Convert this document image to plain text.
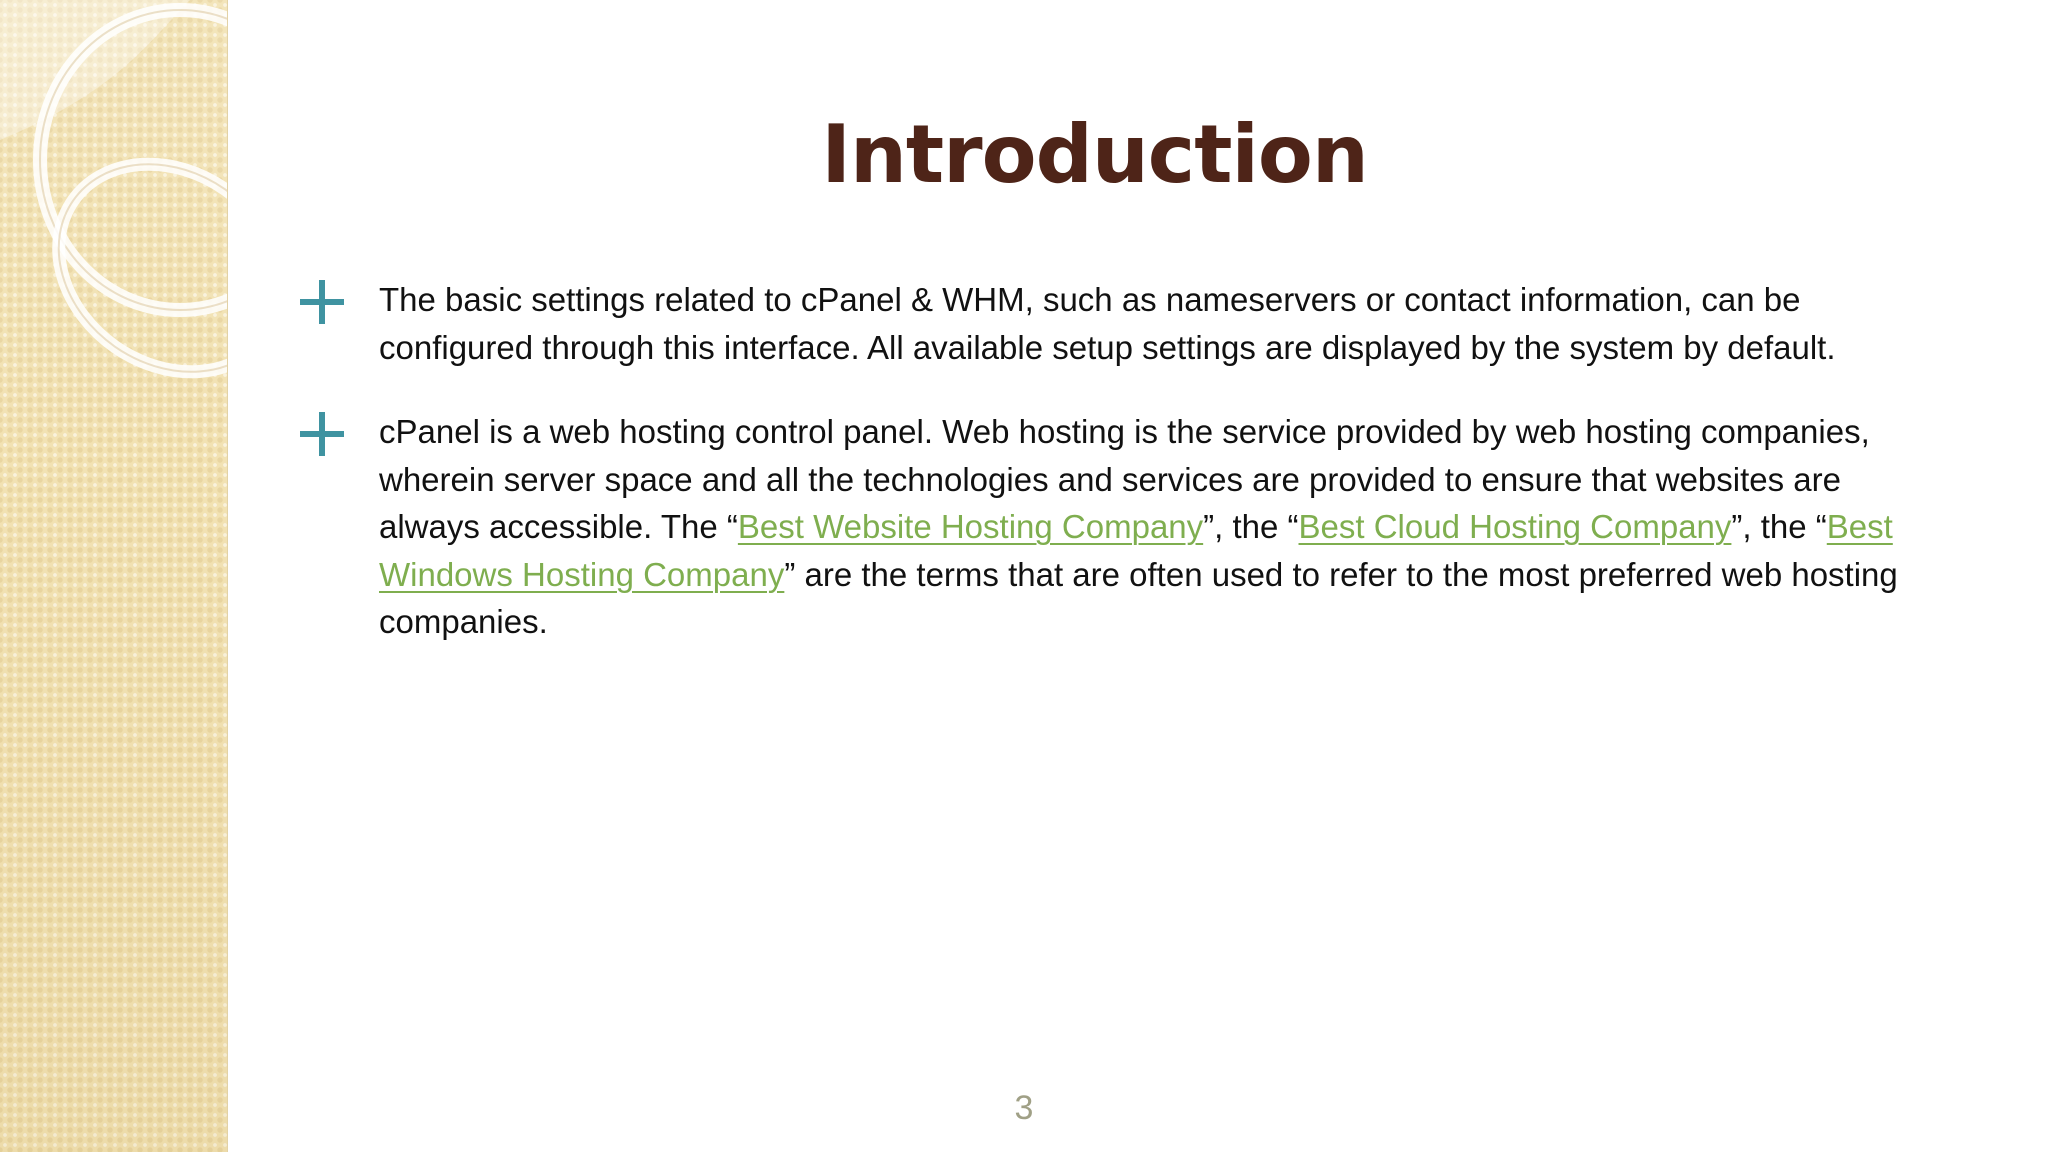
Introduction
The basic settings related to cPanel & WHM, such as nameservers or contact information, can be configured through this interface. All available setup settings are displayed by the system by default.
cPanel is a web hosting control panel. Web hosting is the service provided by web hosting companies, wherein server space and all the technologies and services are provided to ensure that websites are always accessible. The “Best Website Hosting Company”, the “Best Cloud Hosting Company”, the “Best Windows Hosting Company” are the terms that are often used to refer to the most preferred web hosting companies.
3
